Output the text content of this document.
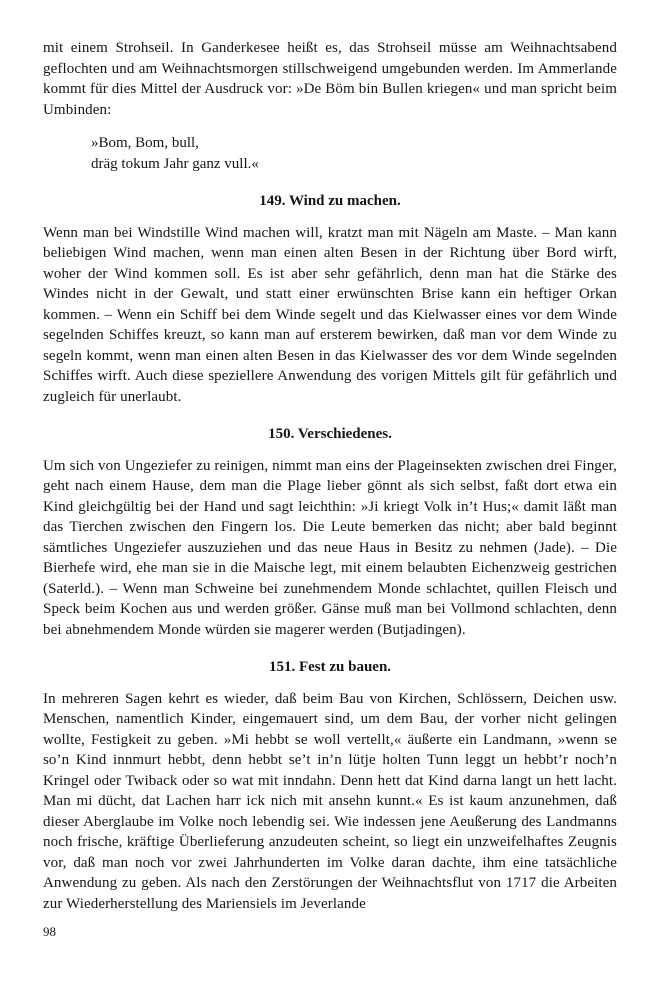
mit einem Strohseil. In Ganderkesee heißt es, das Strohseil müsse am Weihnachtsabend geflochten und am Weihnachtsmorgen stillschweigend umgebunden werden. Im Ammerlande kommt für dies Mittel der Ausdruck vor: »De Böm bin Bullen kriegen« und man spricht beim Umbinden:

»Bom, Bom, bull,
dräg tokum Jahr ganz vull.«

149. Wind zu machen.

Wenn man bei Windstille Wind machen will, kratzt man mit Nägeln am Maste. – Man kann beliebigen Wind machen, wenn man einen alten Besen in der Richtung über Bord wirft, woher der Wind kommen soll. Es ist aber sehr gefährlich, denn man hat die Stärke des Windes nicht in der Gewalt, und statt einer erwünschten Brise kann ein heftiger Orkan kommen. – Wenn ein Schiff bei dem Winde segelt und das Kielwasser eines vor dem Winde segelnden Schiffes kreuzt, so kann man auf ersterem bewirken, daß man vor dem Winde zu segeln kommt, wenn man einen alten Besen in das Kielwasser des vor dem Winde segelnden Schiffes wirft. Auch diese speziellere Anwendung des vorigen Mittels gilt für gefährlich und zugleich für unerlaubt.

150. Verschiedenes.

Um sich von Ungeziefer zu reinigen, nimmt man eins der Plageinsekten zwischen drei Finger, geht nach einem Hause, dem man die Plage lieber gönnt als sich selbst, faßt dort etwa ein Kind gleichgültig bei der Hand und sagt leichthin: »Ji kriegt Volk in’t Hus;« damit läßt man das Tierchen zwischen den Fingern los. Die Leute bemerken das nicht; aber bald beginnt sämtliches Ungeziefer auszuziehen und das neue Haus in Besitz zu nehmen (Jade). – Die Bierhefe wird, ehe man sie in die Maische legt, mit einem belaubten Eichenzweig gestrichen (Saterld.). – Wenn man Schweine bei zunehmendem Monde schlachtet, quillen Fleisch und Speck beim Kochen aus und werden größer. Gänse muß man bei Vollmond schlachten, denn bei abnehmendem Monde würden sie magerer werden (Butjadingen).

151. Fest zu bauen.

In mehreren Sagen kehrt es wieder, daß beim Bau von Kirchen, Schlössern, Deichen usw. Menschen, namentlich Kinder, eingemauert sind, um dem Bau, der vorher nicht gelingen wollte, Festigkeit zu geben. »Mi hebbt se woll vertellt,« äußerte ein Landmann, »wenn se so’n Kind innmurt hebbt, denn hebbt se’t in’n lütje holten Tunn leggt un hebbt’r noch’n Kringel oder Twiback oder so wat mit inndahn. Denn hett dat Kind darna langt un hett lacht. Man mi dücht, dat Lachen harr ick nich mit ansehn kunnt.« Es ist kaum anzunehmen, daß dieser Aberglaube im Volke noch lebendig sei. Wie indessen jene Aeußerung des Landmanns noch frische, kräftige Überlieferung anzudeuten scheint, so liegt ein unzweifelhaftes Zeugnis vor, daß man noch vor zwei Jahrhunderten im Volke daran dachte, ihm eine tatsächliche Anwendung zu geben. Als nach den Zerstörungen der Weihnachtsflut von 1717 die Arbeiten zur Wiederherstellung des Mariensiels im Jeverlande

98
